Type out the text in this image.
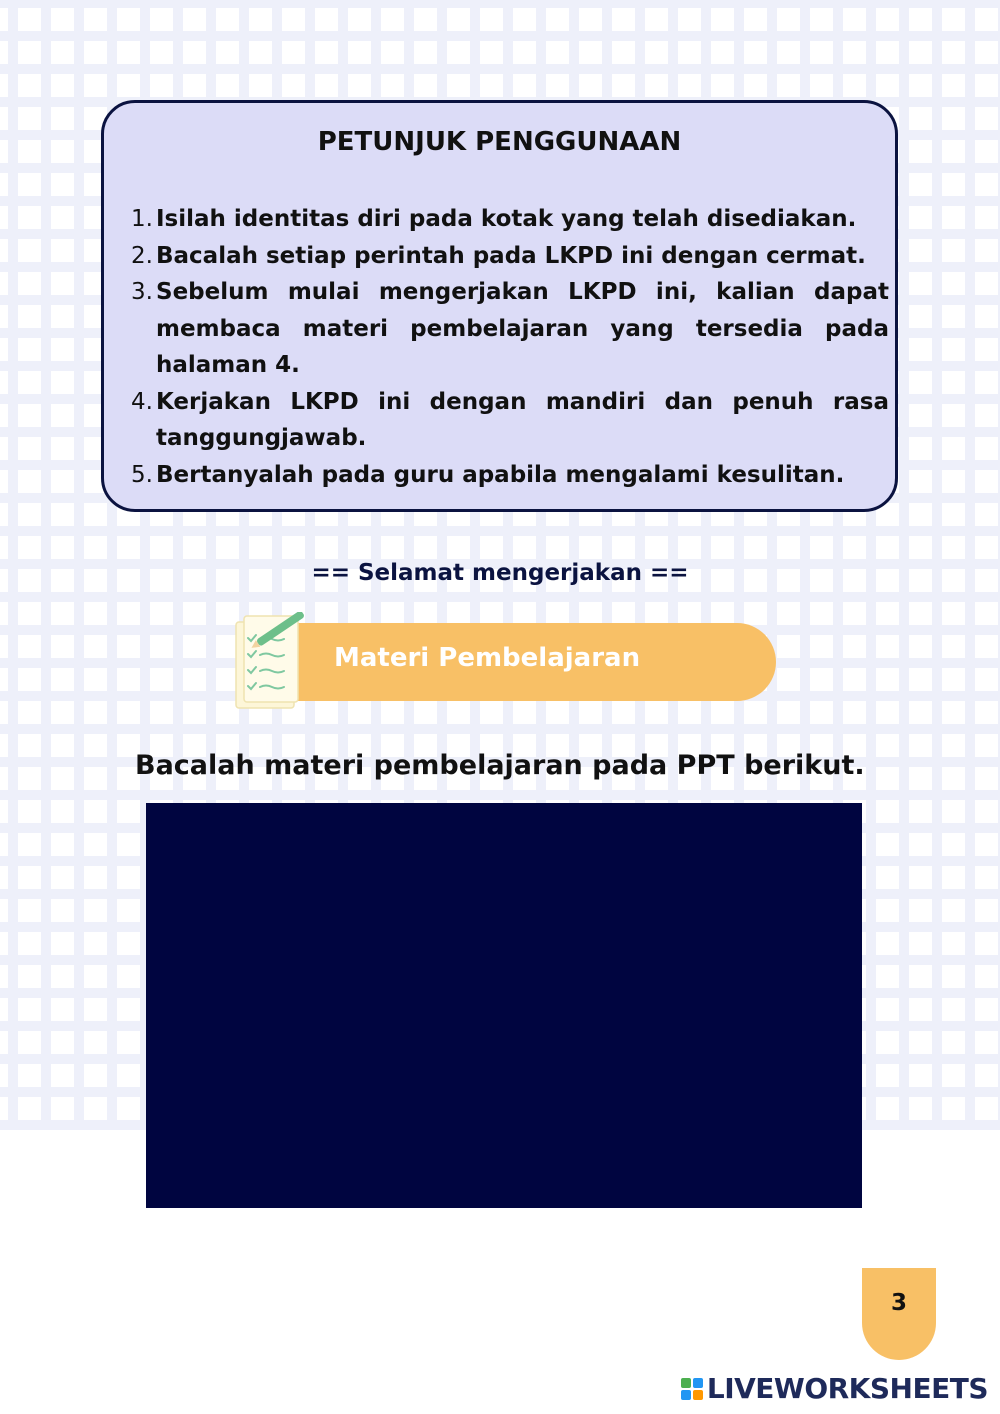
PETUNJUK PENGGUNAAN
1. Isilah identitas diri pada kotak yang telah disediakan.
2. Bacalah setiap perintah pada LKPD ini dengan cermat.
3. Sebelum mulai mengerjakan LKPD ini, kalian dapat membaca materi pembelajaran yang tersedia pada halaman 4.
4. Kerjakan LKPD ini dengan mandiri dan penuh rasa tanggungjawab.
5. Bertanyalah pada guru apabila mengalami kesulitan.
== Selamat mengerjakan ==
Materi Pembelajaran
Bacalah materi pembelajaran pada PPT berikut.
3
LIVEWORKSHEETS
